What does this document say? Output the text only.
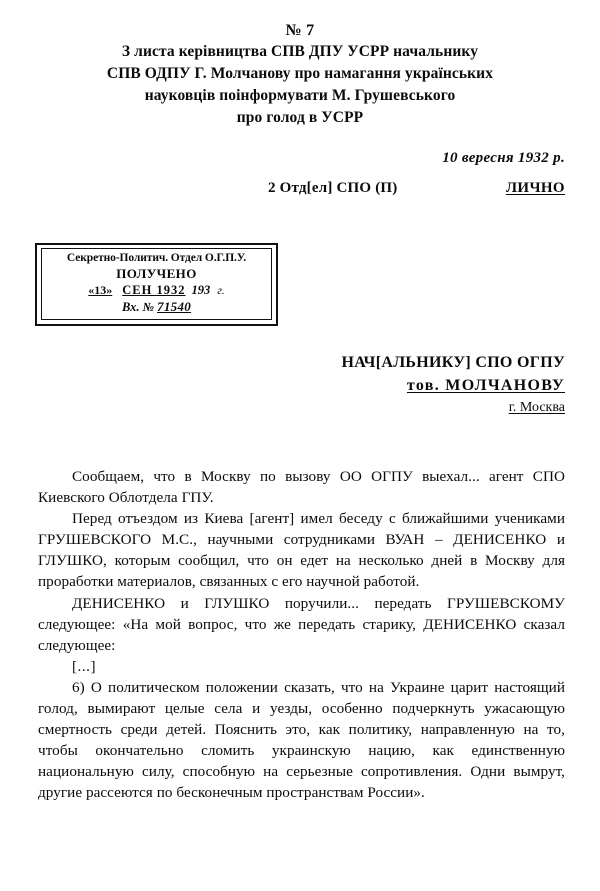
№ 7
З листа керівництва СПВ ДПУ УСРР начальнику
СПВ ОДПУ Г. Молчанову про намагання українських
науковців поінформувати М. Грушевського
про голод в УСРР
10 вересня 1932 р.
2 Отд[ел] СПО (П)	ЛИЧНО
Секретно-Политич. Отдел О.Г.П.У.
ПОЛУЧЕНО
«13» СЕН 1932 193 г.
Вх. № 71540
НАЧ[АЛЬНИКУ] СПО ОГПУ
тов. МОЛЧАНОВУ
г. Москва

Сообщаем, что в Москву по вызову ОО ОГПУ выехал... агент СПО Киевского Облотдела ГПУ.

Перед отъездом из Киева [агент] имел беседу с ближайшими учениками ГРУШЕВСКОГО М.С., научными сотрудниками ВУАН – ДЕНИСЕНКО и ГЛУШКО, которым сообщил, что он едет на несколько дней в Москву для проработки материалов, связанных с его научной работой.

ДЕНИСЕНКО и ГЛУШКО поручили... передать ГРУШЕВСКОМУ следующее: «На мой вопрос, что же передать старику, ДЕНИСЕНКО сказал следующее:

[...]

6) О политическом положении сказать, что на Украине царит настоящий голод, вымирают целые села и уезды, особенно подчеркнуть ужасающую смертность среди детей. Пояснить это, как политику, направленную на то, чтобы окончательно сломить украинскую нацию, как единственную национальную силу, способную на серьезные сопротивления. Одни вымрут, другие рассеются по бесконечным пространствам России».
